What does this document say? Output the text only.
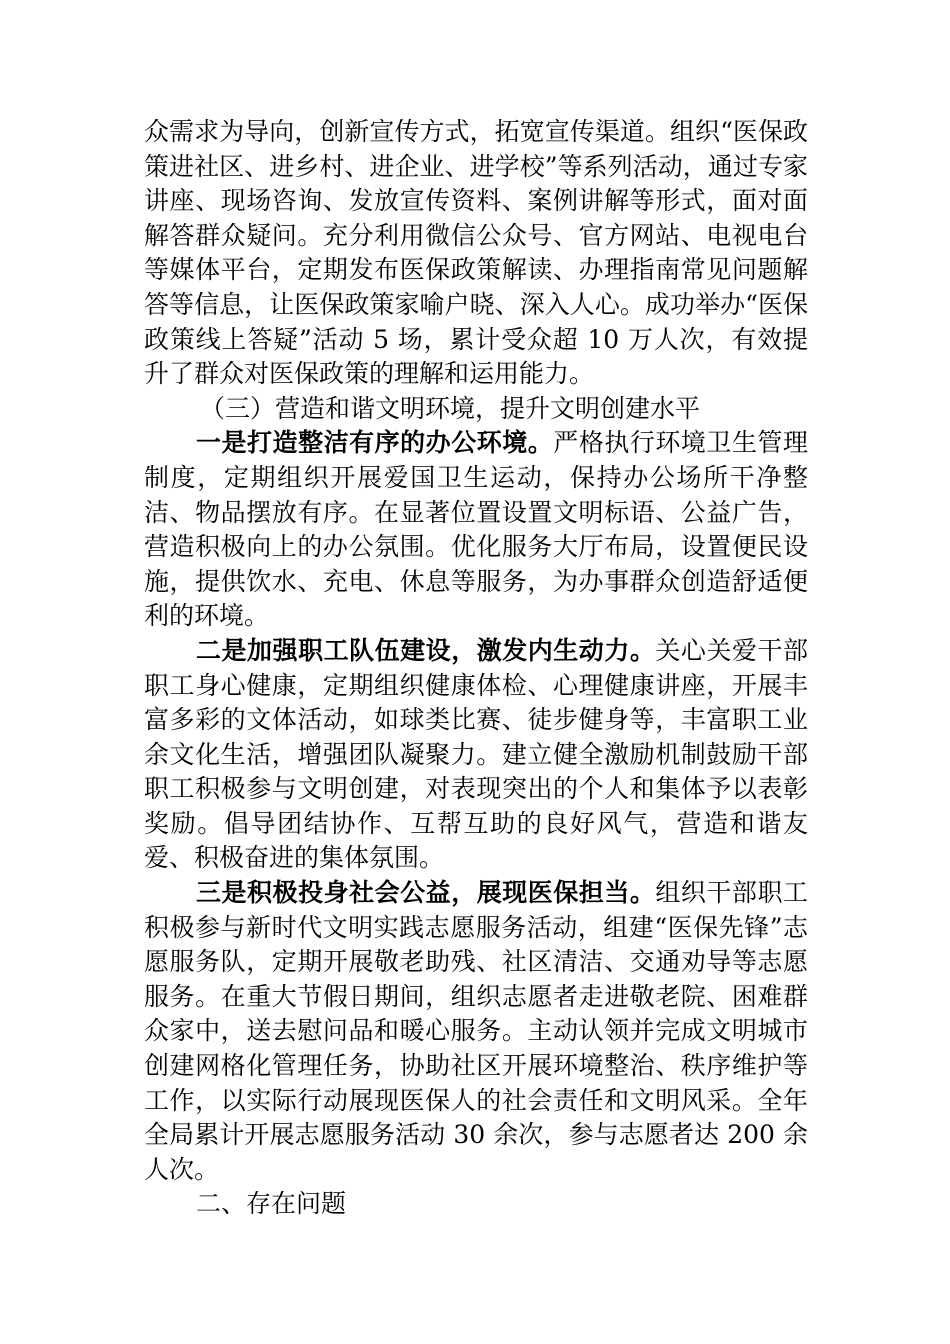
众需求为导向，创新宣传方式，拓宽宣传渠道。组织“医保政策进社区、进乡村、进企业、进学校”等系列活动，通过专家讲座、现场咨询、发放宣传资料、案例讲解等形式，面对面解答群众疑问。充分利用微信公众号、官方网站、电视电台等媒体平台，定期发布医保政策解读、办理指南常见问题解答等信息，让医保政策家喻户晓、深入人心。成功举办“医保政策线上答疑”活动 5 场，累计受众超 10 万人次，有效提升了群众对医保政策的理解和运用能力。

（三）营造和谐文明环境，提升文明创建水平

一是打造整洁有序的办公环境。严格执行环境卫生管理制度，定期组织开展爱国卫生运动，保持办公场所干净整洁、物品摆放有序。在显著位置设置文明标语、公益广告，营造积极向上的办公氛围。优化服务大厅布局，设置便民设施，提供饮水、充电、休息等服务，为办事群众创造舒适便利的环境。

二是加强职工队伍建设，激发内生动力。关心关爱干部职工身心健康，定期组织健康体检、心理健康讲座，开展丰富多彩的文体活动，如球类比赛、徒步健身等，丰富职工业余文化生活，增强团队凝聚力。建立健全激励机制鼓励干部职工积极参与文明创建，对表现突出的个人和集体予以表彰奖励。倡导团结协作、互帮互助的良好风气，营造和谐友爱、积极奋进的集体氛围。

三是积极投身社会公益，展现医保担当。组织干部职工积极参与新时代文明实践志愿服务活动，组建“医保先锋”志愿服务队，定期开展敬老助残、社区清洁、交通劝导等志愿服务。在重大节假日期间，组织志愿者走进敬老院、困难群众家中，送去慰问品和暖心服务。主动认领并完成文明城市创建网格化管理任务，协助社区开展环境整治、秩序维护等工作，以实际行动展现医保人的社会责任和文明风采。全年全局累计开展志愿服务活动 30 余次，参与志愿者达 200 余人次。

二、存在问题
